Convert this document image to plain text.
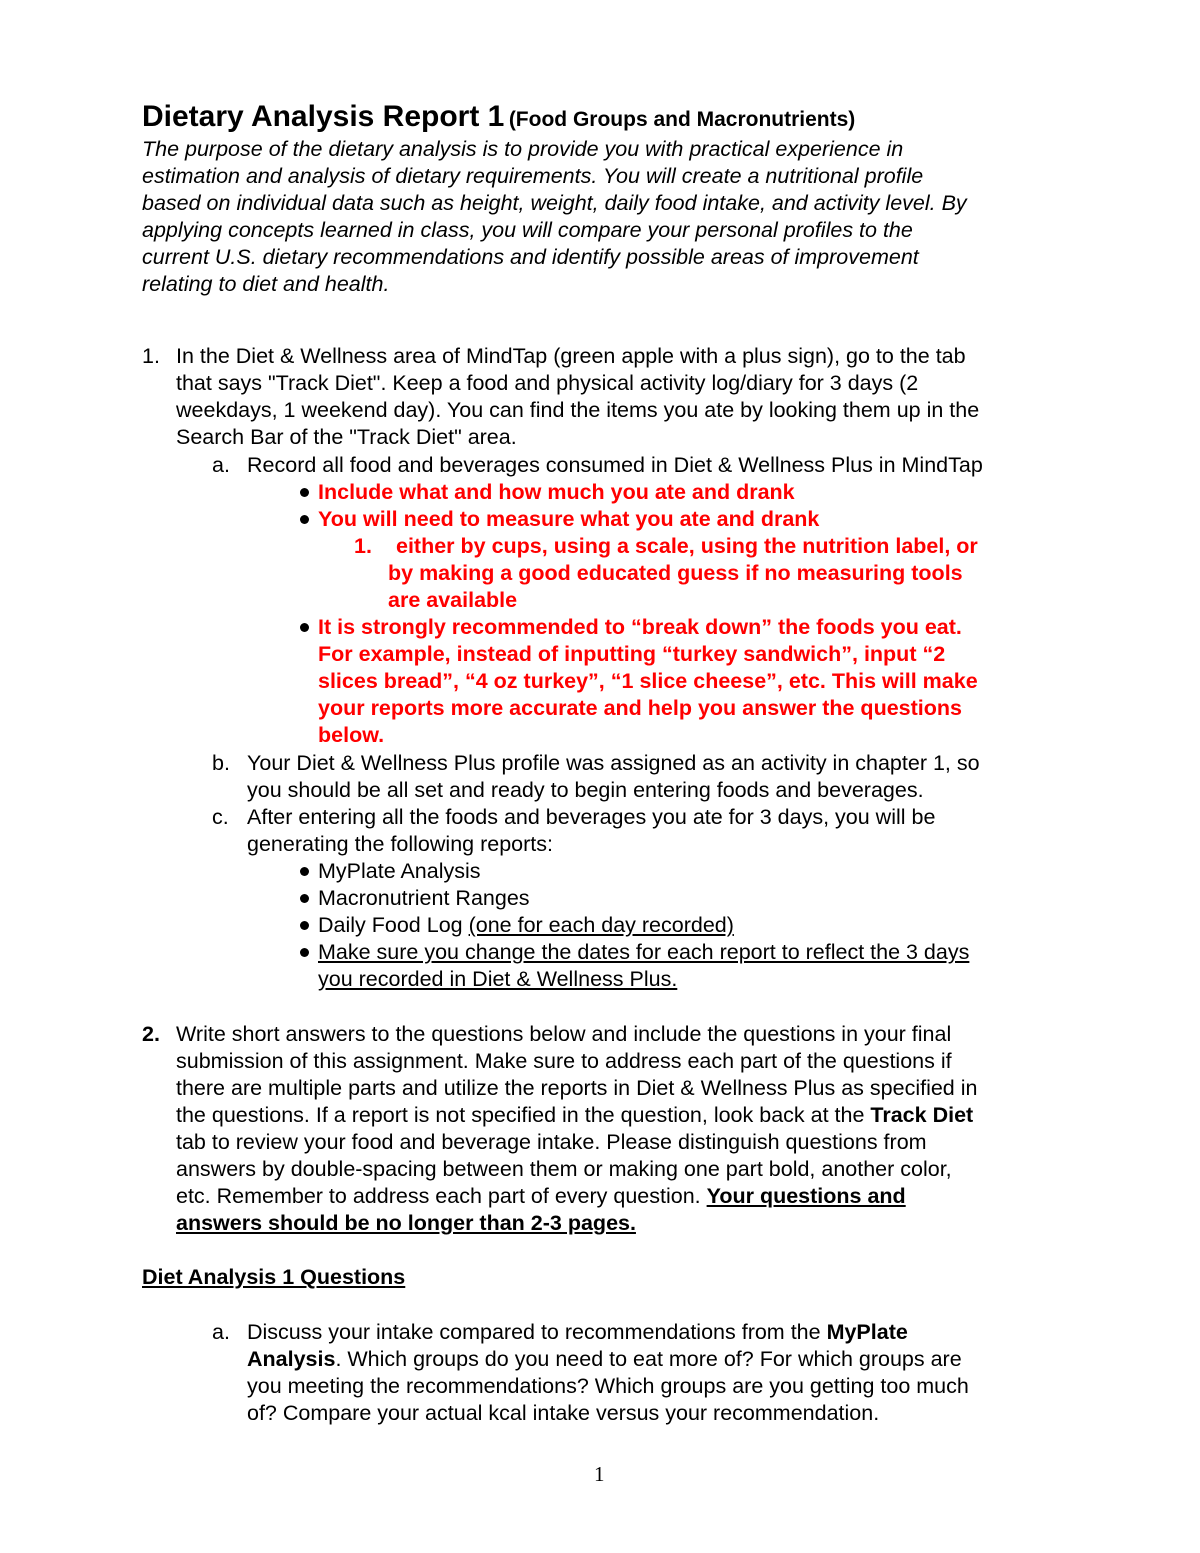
Dietary Analysis Report 1 (Food Groups and Macronutrients)
The purpose of the dietary analysis is to provide you with practical experience in
estimation and analysis of dietary requirements. You will create a nutritional profile
based on individual data such as height, weight, daily food intake, and activity level. By
applying concepts learned in class, you will compare your personal profiles to the
current U.S. dietary recommendations and identify possible areas of improvement
relating to diet and health.
1. In the Diet & Wellness area of MindTap (green apple with a plus sign), go to the tab
that says "Track Diet". Keep a food and physical activity log/diary for 3 days (2
weekdays, 1 weekend day). You can find the items you ate by looking them up in the
Search Bar of the "Track Diet" area.
a. Record all food and beverages consumed in Diet & Wellness Plus in MindTap
Include what and how much you ate and drank
You will need to measure what you ate and drank
1. either by cups, using a scale, using the nutrition label, or
by making a good educated guess if no measuring tools
are available
It is strongly recommended to “break down” the foods you eat.
For example, instead of inputting “turkey sandwich”, input “2
slices bread”, “4 oz turkey”, “1 slice cheese”, etc. This will make
your reports more accurate and help you answer the questions
below.
b. Your Diet & Wellness Plus profile was assigned as an activity in chapter 1, so
you should be all set and ready to begin entering foods and beverages.
c. After entering all the foods and beverages you ate for 3 days, you will be
generating the following reports:
MyPlate Analysis
Macronutrient Ranges
Daily Food Log (one for each day recorded)
Make sure you change the dates for each report to reflect the 3 days
you recorded in Diet & Wellness Plus.
2. Write short answers to the questions below and include the questions in your final
submission of this assignment. Make sure to address each part of the questions if
there are multiple parts and utilize the reports in Diet & Wellness Plus as specified in
the questions. If a report is not specified in the question, look back at the Track Diet
tab to review your food and beverage intake. Please distinguish questions from
answers by double-spacing between them or making one part bold, another color,
etc. Remember to address each part of every question. Your questions and
answers should be no longer than 2-3 pages.
Diet Analysis 1 Questions
a. Discuss your intake compared to recommendations from the MyPlate
Analysis. Which groups do you need to eat more of? For which groups are
you meeting the recommendations? Which groups are you getting too much
of? Compare your actual kcal intake versus your recommendation.
1
